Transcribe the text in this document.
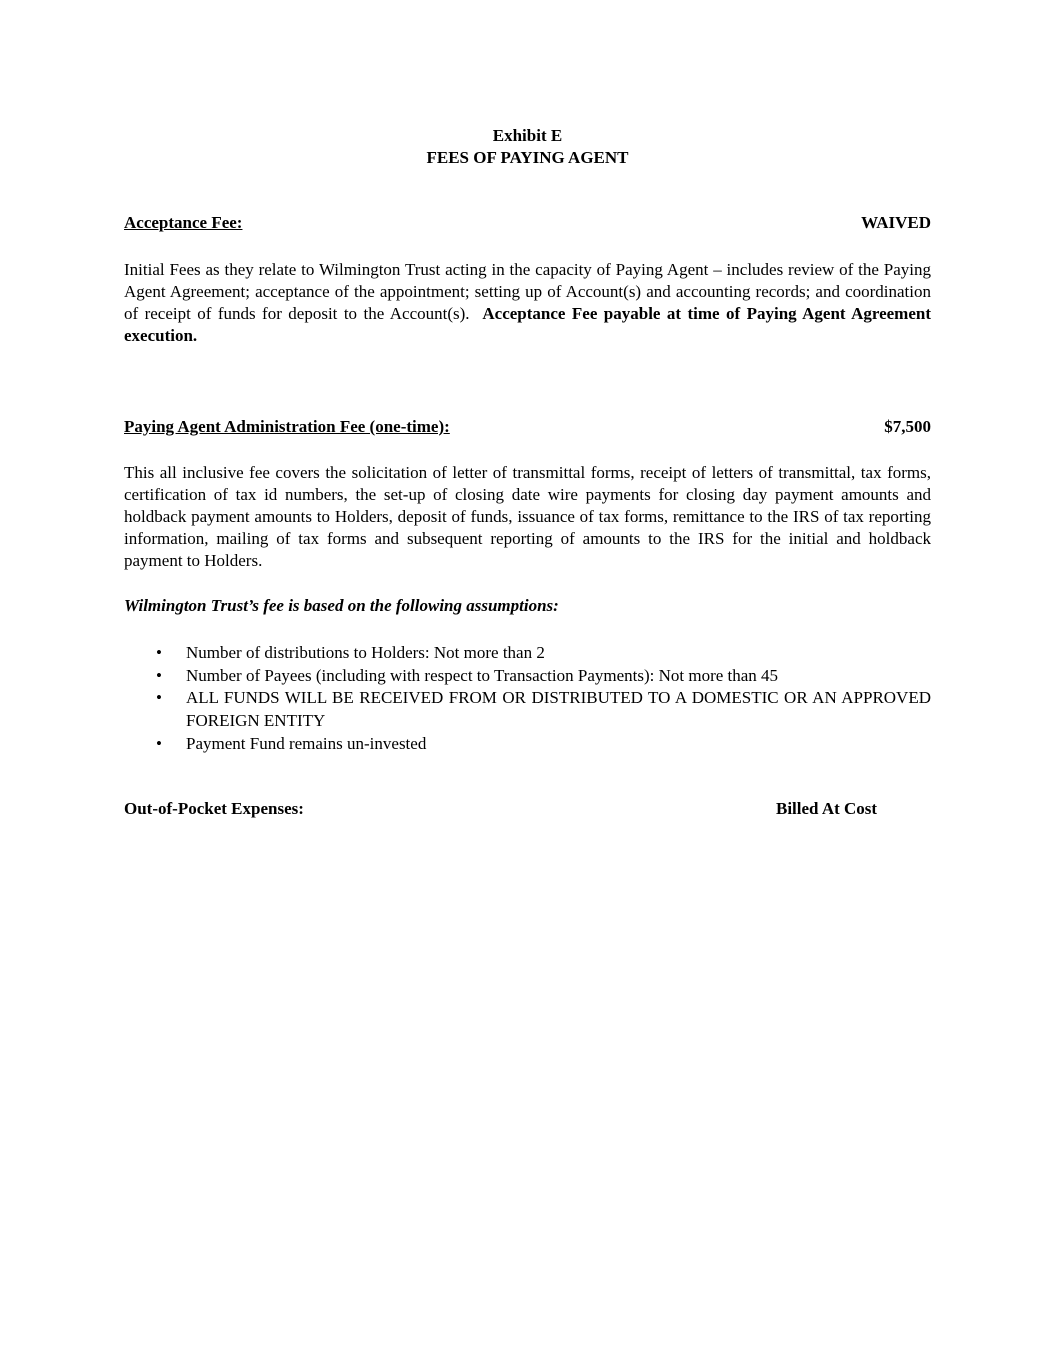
Exhibit E
FEES OF PAYING AGENT
Acceptance Fee:	WAIVED
Initial Fees as they relate to Wilmington Trust acting in the capacity of Paying Agent – includes review of the Paying Agent Agreement; acceptance of the appointment; setting up of Account(s) and accounting records; and coordination of receipt of funds for deposit to the Account(s). Acceptance Fee payable at time of Paying Agent Agreement execution.
Paying Agent Administration Fee (one-time):	$7,500
This all inclusive fee covers the solicitation of letter of transmittal forms, receipt of letters of transmittal, tax forms, certification of tax id numbers, the set-up of closing date wire payments for closing day payment amounts and holdback payment amounts to Holders, deposit of funds, issuance of tax forms, remittance to the IRS of tax reporting information, mailing of tax forms and subsequent reporting of amounts to the IRS for the initial and holdback payment to Holders.
Wilmington Trust’s fee is based on the following assumptions:
• Number of distributions to Holders: Not more than 2
• Number of Payees (including with respect to Transaction Payments): Not more than 45
• ALL FUNDS WILL BE RECEIVED FROM OR DISTRIBUTED TO A DOMESTIC OR AN APPROVED FOREIGN ENTITY
• Payment Fund remains un-invested
Out-of-Pocket Expenses:	Billed At Cost
